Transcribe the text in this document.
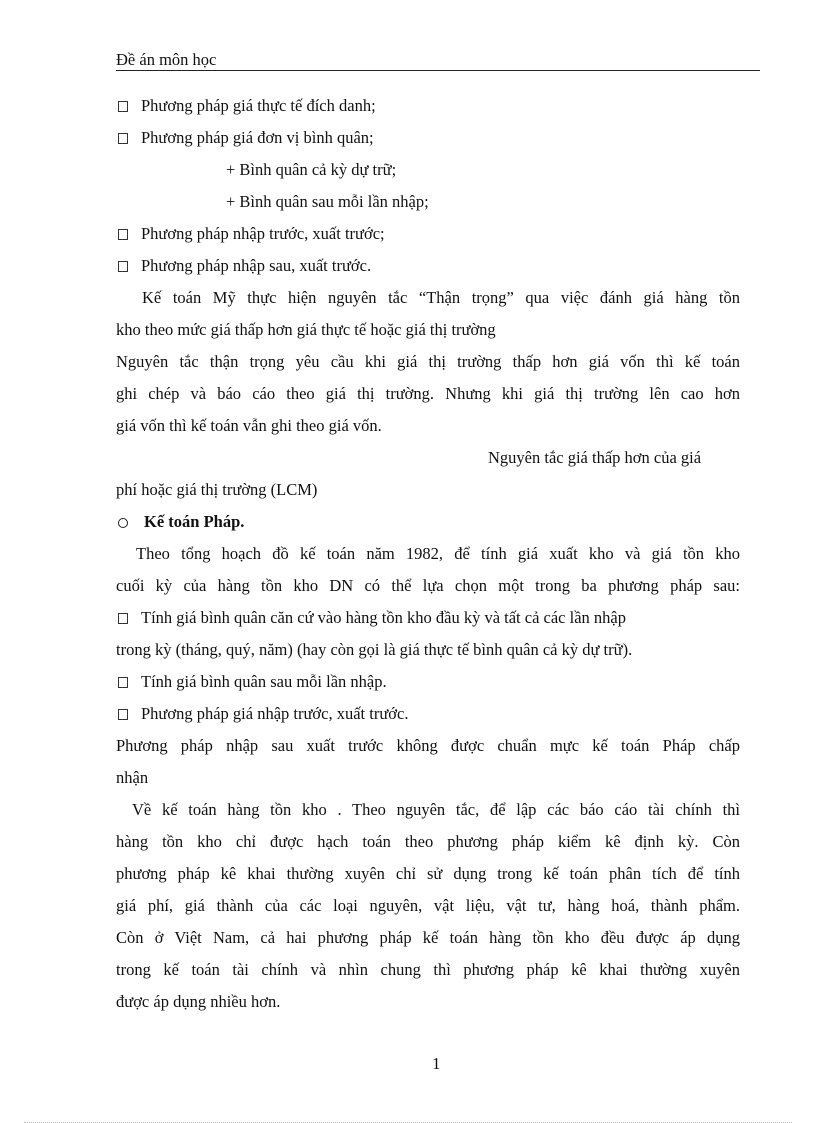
Đề án môn học
Phương pháp giá thực tế đích danh;
Phương pháp giá đơn vị bình quân;
+ Bình quân cả kỳ dự trữ;
+ Bình quân sau mỗi lần nhập;
Phương pháp nhập trước, xuất trước;
Phương pháp nhập sau, xuất trước.
Kế toán Mỹ thực hiện nguyên tắc “Thận trọng” qua việc đánh giá hàng tồn
kho theo mức giá thấp hơn giá thực tế hoặc giá thị trường
Nguyên tắc thận trọng yêu cầu khi giá thị trường thấp hơn giá vốn thì kế toán
ghi chép và báo cáo theo giá thị trường. Nhưng khi giá thị trường lên cao hơn
giá vốn thì kế toán vẫn ghi theo giá vốn.
Nguyên tắc giá thấp hơn của giá
phí hoặc giá thị trường (LCM)
Kế toán Pháp.
Theo tổng hoạch đồ kế toán năm 1982, để tính giá xuất kho và giá tồn kho
cuối kỳ của hàng tồn kho DN có thể lựa chọn một trong ba phương pháp sau:
Tính giá bình quân căn cứ vào hàng tồn kho đầu kỳ và tất cả các lần nhập
trong kỳ (tháng, quý, năm) (hay còn gọi là giá thực tế bình quân cả kỳ dự trữ).
Tính giá bình quân sau mỗi lần nhập.
Phương pháp giá nhập trước, xuất trước.
Phương pháp nhập sau xuất trước không được chuẩn mực kế toán Pháp chấp
nhận
Về kế toán hàng tồn kho . Theo nguyên tắc, để lập các báo cáo tài chính thì
hàng tồn kho chỉ được hạch toán theo phương pháp kiểm kê định kỳ. Còn
phương pháp kê khai thường xuyên chỉ sử dụng trong kế toán phân tích để tính
giá phí, giá thành của các loại nguyên, vật liệu, vật tư, hàng hoá, thành phẩm.
Còn ở Việt Nam, cả hai phương pháp kế toán hàng tồn kho đều được áp dụng
trong kế toán tài chính và nhìn chung thì phương pháp kê khai thường xuyên
được áp dụng nhiều hơn.
1
